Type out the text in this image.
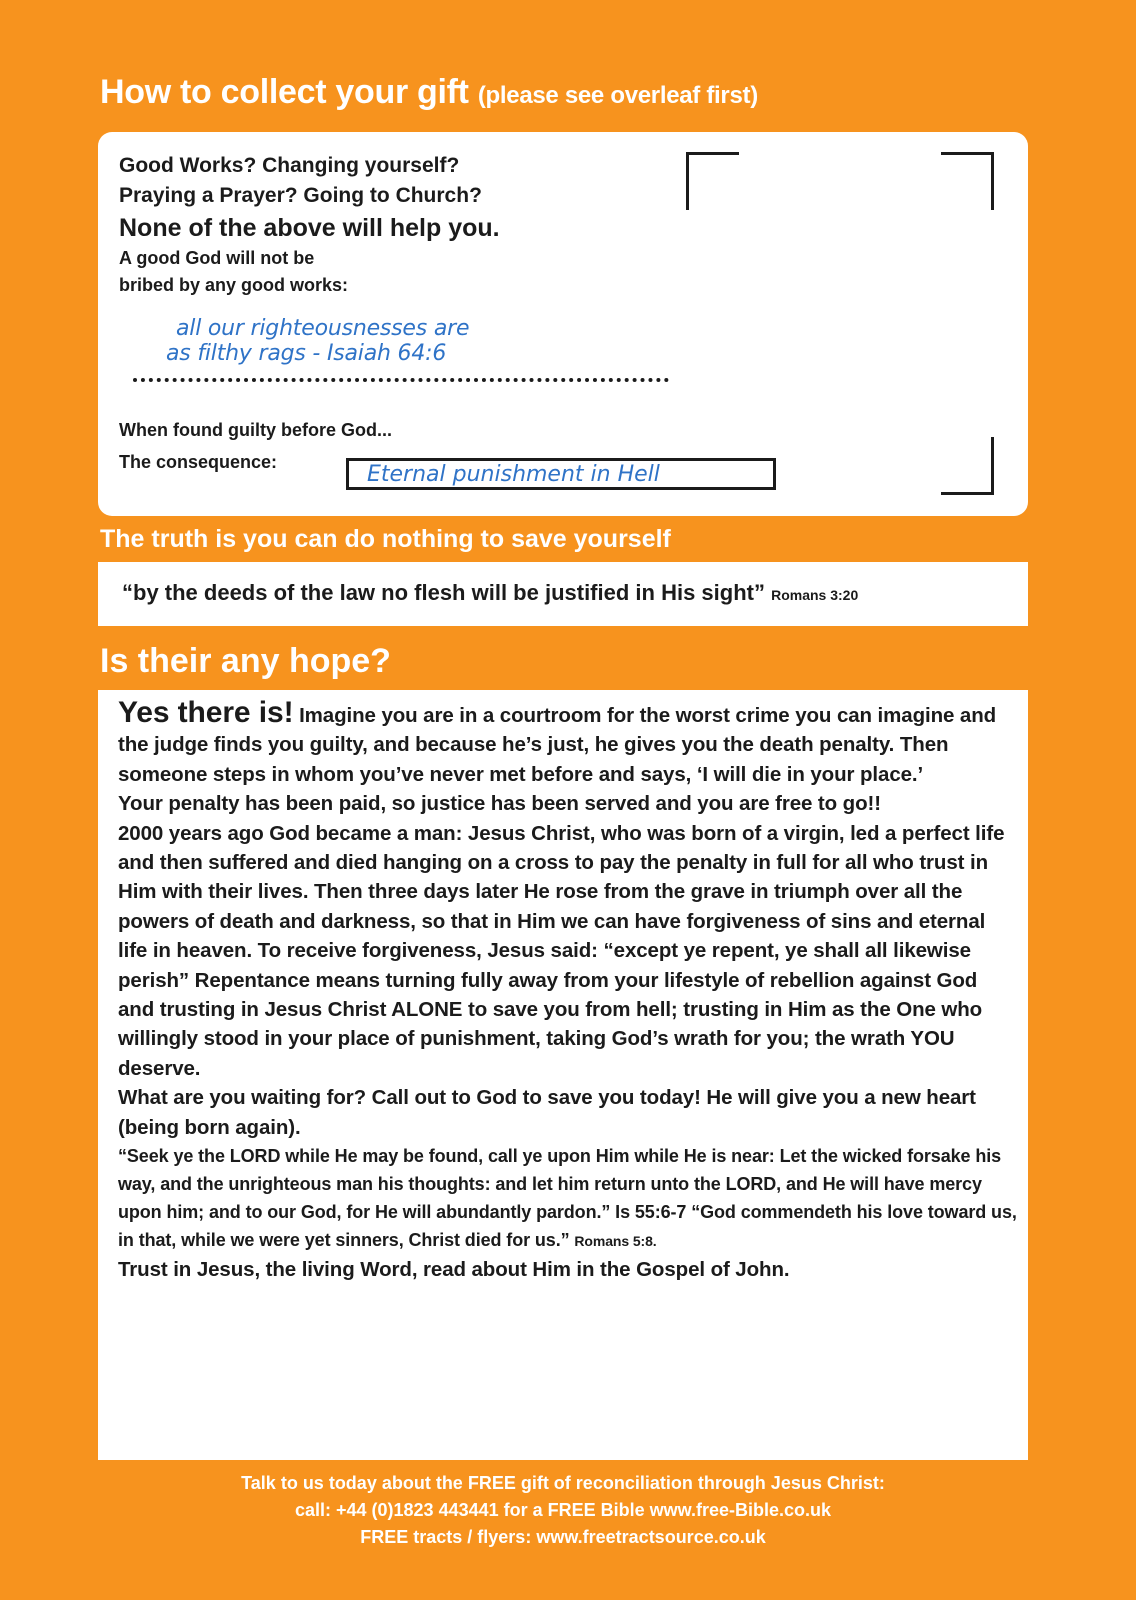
How to collect your gift (please see overleaf first)
Good Works? Changing yourself?
Praying a Prayer? Going to Church?
None of the above will help you.
A good God will not be
bribed by any good works:
all our righteousnesses are
as filthy rags - Isaiah 64:6
When found guilty before God...
The consequence:	Eternal punishment in Hell
The truth is you can do nothing to save yourself
“by the deeds of the law no flesh will be justified in His sight” Romans 3:20
Is their any hope?
Yes there is! Imagine you are in a courtroom for the worst crime you can imagine and the judge finds you guilty, and because he’s just, he gives you the death penalty. Then someone steps in whom you’ve never met before and says, ‘I will die in your place.’
Your penalty has been paid, so justice has been served and you are free to go!!
2000 years ago God became a man: Jesus Christ, who was born of a virgin, led a perfect life and then suffered and died hanging on a cross to pay the penalty in full for all who trust in Him with their lives. Then three days later He rose from the grave in triumph over all the powers of death and darkness, so that in Him we can have forgiveness of sins and eternal life in heaven. To receive forgiveness, Jesus said: “except ye repent, ye shall all likewise perish” Repentance means turning fully away from your lifestyle of rebellion against God and trusting in Jesus Christ ALONE to save you from hell; trusting in Him as the One who willingly stood in your place of punishment, taking God’s wrath for you; the wrath YOU deserve.
What are you waiting for? Call out to God to save you today! He will give you a new heart (being born again).
“Seek ye the LORD while He may be found, call ye upon Him while He is near: Let the wicked forsake his way, and the unrighteous man his thoughts: and let him return unto the LORD, and He will have mercy upon him; and to our God, for He will abundantly pardon.” Is 55:6-7 “God commendeth his love toward us, in that, while we were yet sinners, Christ died for us.” Romans 5:8.
Trust in Jesus, the living Word, read about Him in the Gospel of John.
Talk to us today about the FREE gift of reconciliation through Jesus Christ:
call: +44 (0)1823 443441 for a FREE Bible www.free-Bible.co.uk
FREE tracts / flyers: www.freetractsource.co.uk
